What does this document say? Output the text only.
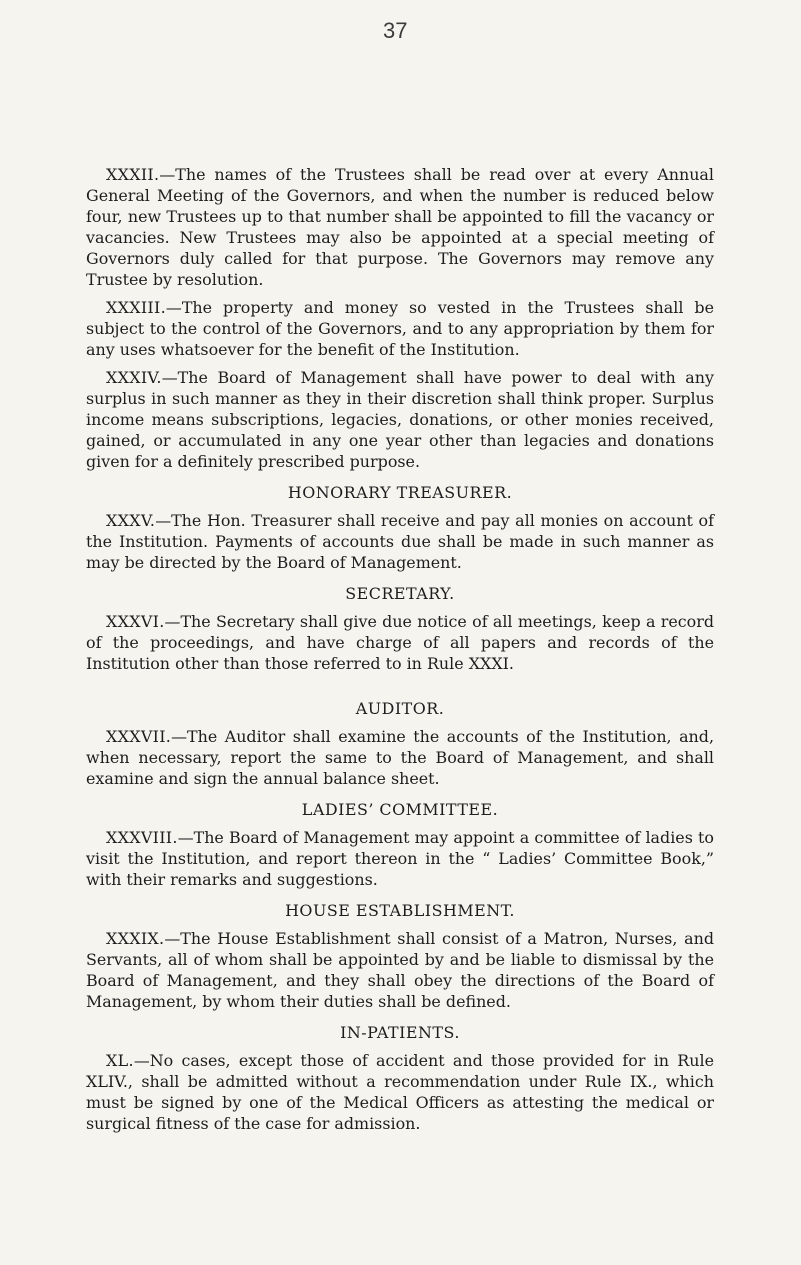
37

XXXII.—The names of the Trustees shall be read over at every Annual General Meeting of the Governors, and when the number is reduced below four, new Trustees up to that number shall be appointed to fill the vacancy or vacancies. New Trustees may also be appointed at a special meeting of Governors duly called for that purpose. The Governors may remove any Trustee by resolution.

XXXIII.—The property and money so vested in the Trustees shall be subject to the control of the Governors, and to any appropriation by them for any uses whatsoever for the benefit of the Institution.

XXXIV.—The Board of Management shall have power to deal with any surplus in such manner as they in their discretion shall think proper. Surplus income means subscriptions, legacies, donations, or other monies received, gained, or accumulated in any one year other than legacies and donations given for a definitely prescribed purpose.

HONORARY TREASURER.

XXXV.—The Hon. Treasurer shall receive and pay all monies on account of the Institution. Payments of accounts due shall be made in such manner as may be directed by the Board of Management.

SECRETARY.

XXXVI.—The Secretary shall give due notice of all meetings, keep a record of the proceedings, and have charge of all papers and records of the Institution other than those referred to in Rule XXXI.

AUDITOR.

XXXVII.—The Auditor shall examine the accounts of the Institution, and, when necessary, report the same to the Board of Management, and shall examine and sign the annual balance sheet.

LADIES’ COMMITTEE.

XXXVIII.—The Board of Management may appoint a committee of ladies to visit the Institution, and report thereon in the “ Ladies’ Committee Book,” with their remarks and suggestions.

HOUSE ESTABLISHMENT.

XXXIX.—The House Establishment shall consist of a Matron, Nurses, and Servants, all of whom shall be appointed by and be liable to dismissal by the Board of Management, and they shall obey the directions of the Board of Management, by whom their duties shall be defined.

IN-PATIENTS.

XL.—No cases, except those of accident and those provided for in Rule XLIV., shall be admitted without a recommendation under Rule IX., which must be signed by one of the Medical Officers as attesting the medical or surgical fitness of the case for admission.
